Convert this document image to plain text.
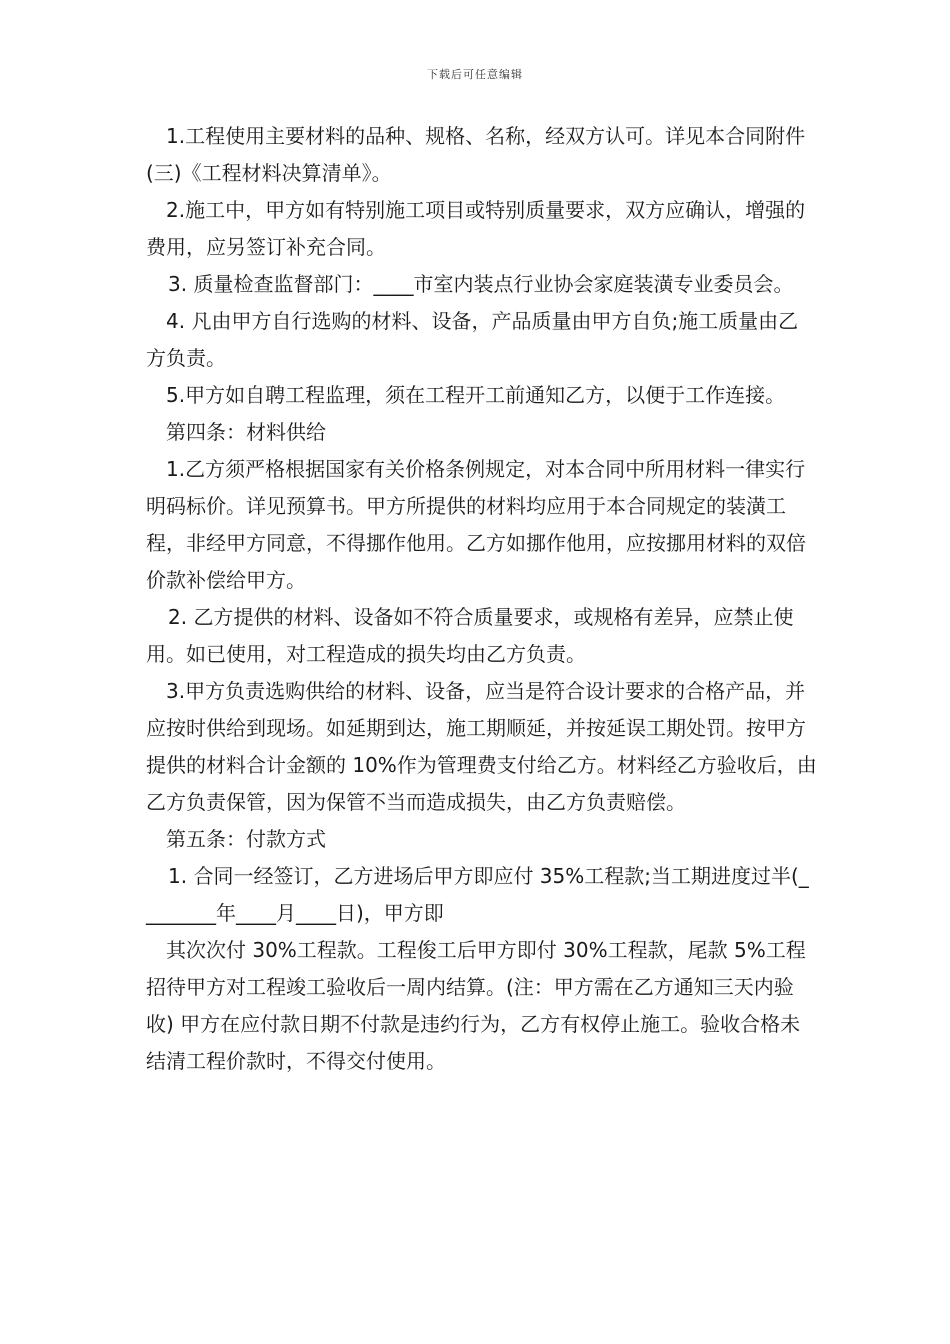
下载后可任意编辑

1.工程使用主要材料的品种、规格、名称，经双方认可。详见本合同附件(三)《工程材料决算清单》。

2.施工中，甲方如有特别施工项目或特别质量要求，双方应确认，增强的费用，应另签订补充合同。

3. 质量检查监督部门：____市室内装点行业协会家庭装潢专业委员会。

4. 凡由甲方自行选购的材料、设备，产品质量由甲方自负;施工质量由乙方负责。

5.甲方如自聘工程监理，须在工程开工前通知乙方，以便于工作连接。

第四条：材料供给

1.乙方须严格根据国家有关价格条例规定，对本合同中所用材料一律实行明码标价。详见预算书。甲方所提供的材料均应用于本合同规定的装潢工程，非经甲方同意，不得挪作他用。乙方如挪作他用，应按挪用材料的双倍价款补偿给甲方。

2. 乙方提供的材料、设备如不符合质量要求，或规格有差异，应禁止使用。如已使用，对工程造成的损失均由乙方负责。

3.甲方负责选购供给的材料、设备，应当是符合设计要求的合格产品，并应按时供给到现场。如延期到达，施工期顺延，并按延误工期处罚。按甲方提供的材料合计金额的 10%作为管理费支付给乙方。材料经乙方验收后，由乙方负责保管，因为保管不当而造成损失，由乙方负责赔偿。

第五条：付款方式

1. 合同一经签订，乙方进场后甲方即应付 35%工程款;当工期进度过半(________年____月____日)，甲方即

其次次付 30%工程款。工程俊工后甲方即付 30%工程款，尾款 5%工程招待甲方对工程竣工验收后一周内结算。(注：甲方需在乙方通知三天内验收) 甲方在应付款日期不付款是违约行为，乙方有权停止施工。验收合格未结清工程价款时，不得交付使用。
